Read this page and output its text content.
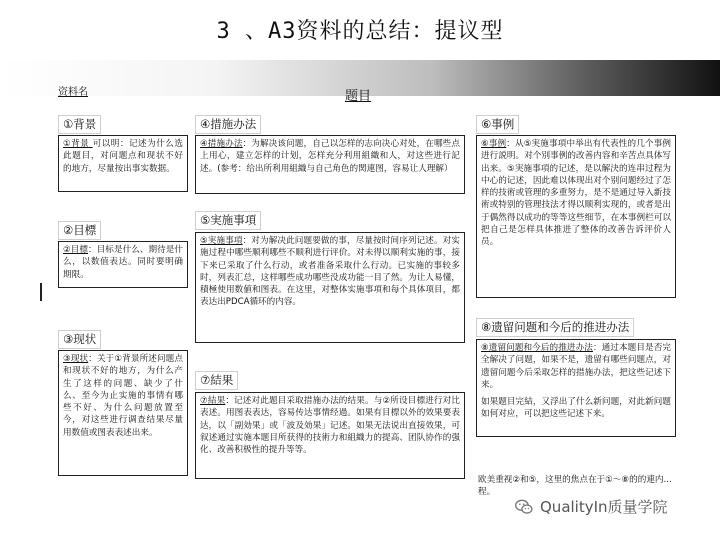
3 、A3资料的总结：提议型
资料名	题目
①背景
①背景 可以明：记述为什么选此题目，对问题点和现状不好的地方，尽量按出事实数据。
②目標
②目標：目标是什么、期待是什么，以数值表达。同时要明确期限。
③现状
③现状：关于①背景所述问题点和现状不好的地方，为什么产生了这样的问题、缺少了什么、至今为止实施的事情有哪些不好、为什么问题放置至今，对这些进行调查结果尽量用数值或图表表述出来。
④措施办法
④措施办法：为解决该问题，自己以怎样的志向决心对处，在哪些点上用心，建立怎样的计划，怎样充分利用組織和人，对这些进行記述。(参考：给出所利用組織与自己角色的関連图，容易让人理解）
⑤実施事項
⑤実施事項：对为解决此问题要做的事，尽量按时间序列记述。对实施过程中哪些顺利哪些不顺利进行评价。对未得以顺利实施的事，接下来已采取了什么行动，或者准备采取什么行动。已实施的事较多时，列表汇总，这样哪些成功哪些没成功能一目了然。为让人易懂，積極使用数値和图表。在这里，对整体实施事項和每个具体项目，都表达出PDCA循环的内容。
⑦結果
⑦結果：记述对此题目采取措施办法的结果。与②所设目標进行对比表述。用图表表达，容易传达事情经過。如果有目標以外的效果要表达，以「副効果」或「波及効果」记述。如果无法说出直接效果，可叙述通过实施本题目所获得的技術力和組織力的提高、团队协作的强化、改善积极性的提升等等。
⑥事例
⑥事例：从⑤実施事項中举出有代表性的几个事例进行説明。对个別事例的改善内容和辛苦点具体写出来。⑤実施事項的记述，是以解決的连串过程为中心的记述，因此难以体现出对个别问题经过了怎样的技術或管理的多重努力，是不是通过导入新技術或特别的管理技法才得以顺利实现的，或者是出于偶然得以成功的等等这些细节，在本事例栏可以把自己是怎样具体推进了整体的改善告诉评价人员。
⑧遗留问题和今后的推进办法
⑧遗留问题和今后的推进办法：通过本题目是否完全解决了问题，如果不是，遗留有哪些问题点，对遗留问题今后采取怎样的措施办法，把这些记述下来。
如果题目完結，又浮出了什么新问题，对此新问题如何对应，可以把这些记述下来。
欧美重视②和⑤，这里的焦点在于①～⑧的的連内...程。
QualityIn质量学院
